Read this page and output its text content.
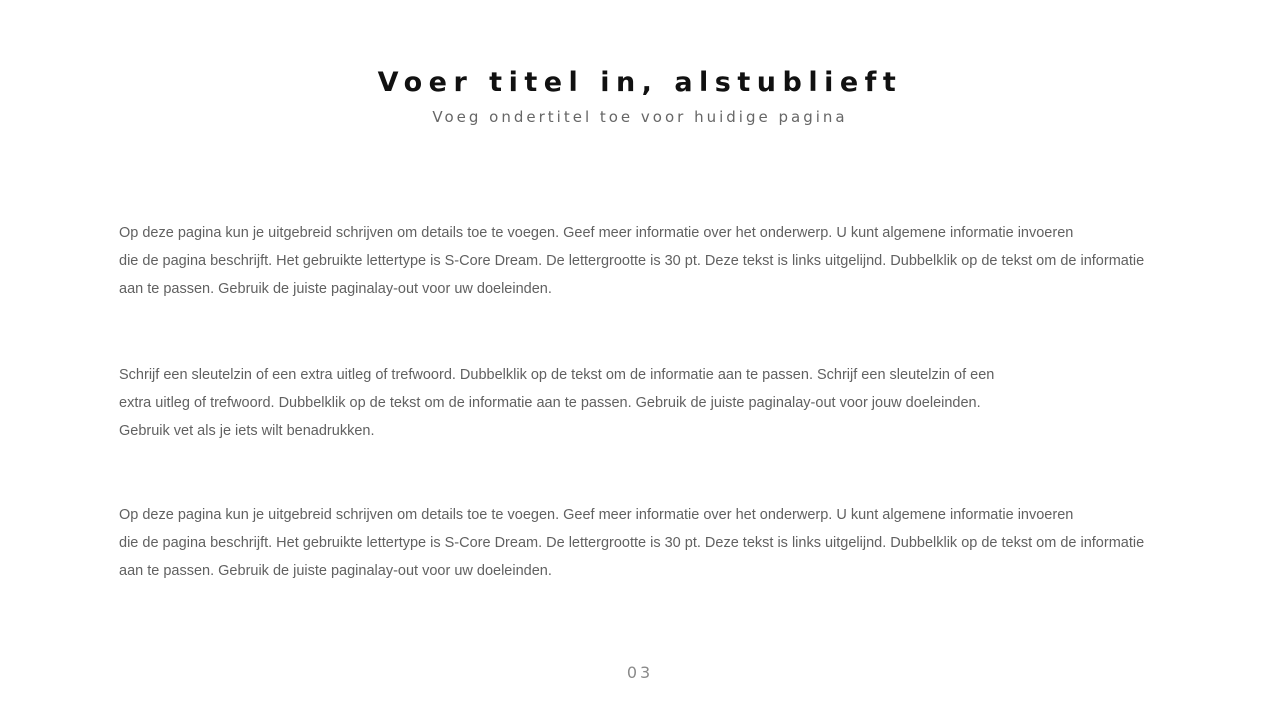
Voer titel in, alstublieft

Voeg ondertitel toe voor huidige pagina

Op deze pagina kun je uitgebreid schrijven om details toe te voegen. Geef meer informatie over het onderwerp. U kunt algemene informatie invoeren
die de pagina beschrijft. Het gebruikte lettertype is S-Core Dream. De lettergrootte is 30 pt. Deze tekst is links uitgelijnd. Dubbelklik op de tekst om de informatie
aan te passen. Gebruik de juiste paginalay-out voor uw doeleinden.

Schrijf een sleutelzin of een extra uitleg of trefwoord. Dubbelklik op de tekst om de informatie aan te passen. Schrijf een sleutelzin of een
extra uitleg of trefwoord. Dubbelklik op de tekst om de informatie aan te passen. Gebruik de juiste paginalay-out voor jouw doeleinden.
Gebruik vet als je iets wilt benadrukken.

Op deze pagina kun je uitgebreid schrijven om details toe te voegen. Geef meer informatie over het onderwerp. U kunt algemene informatie invoeren
die de pagina beschrijft. Het gebruikte lettertype is S-Core Dream. De lettergrootte is 30 pt. Deze tekst is links uitgelijnd. Dubbelklik op de tekst om de informatie
aan te passen. Gebruik de juiste paginalay-out voor uw doeleinden.

03
